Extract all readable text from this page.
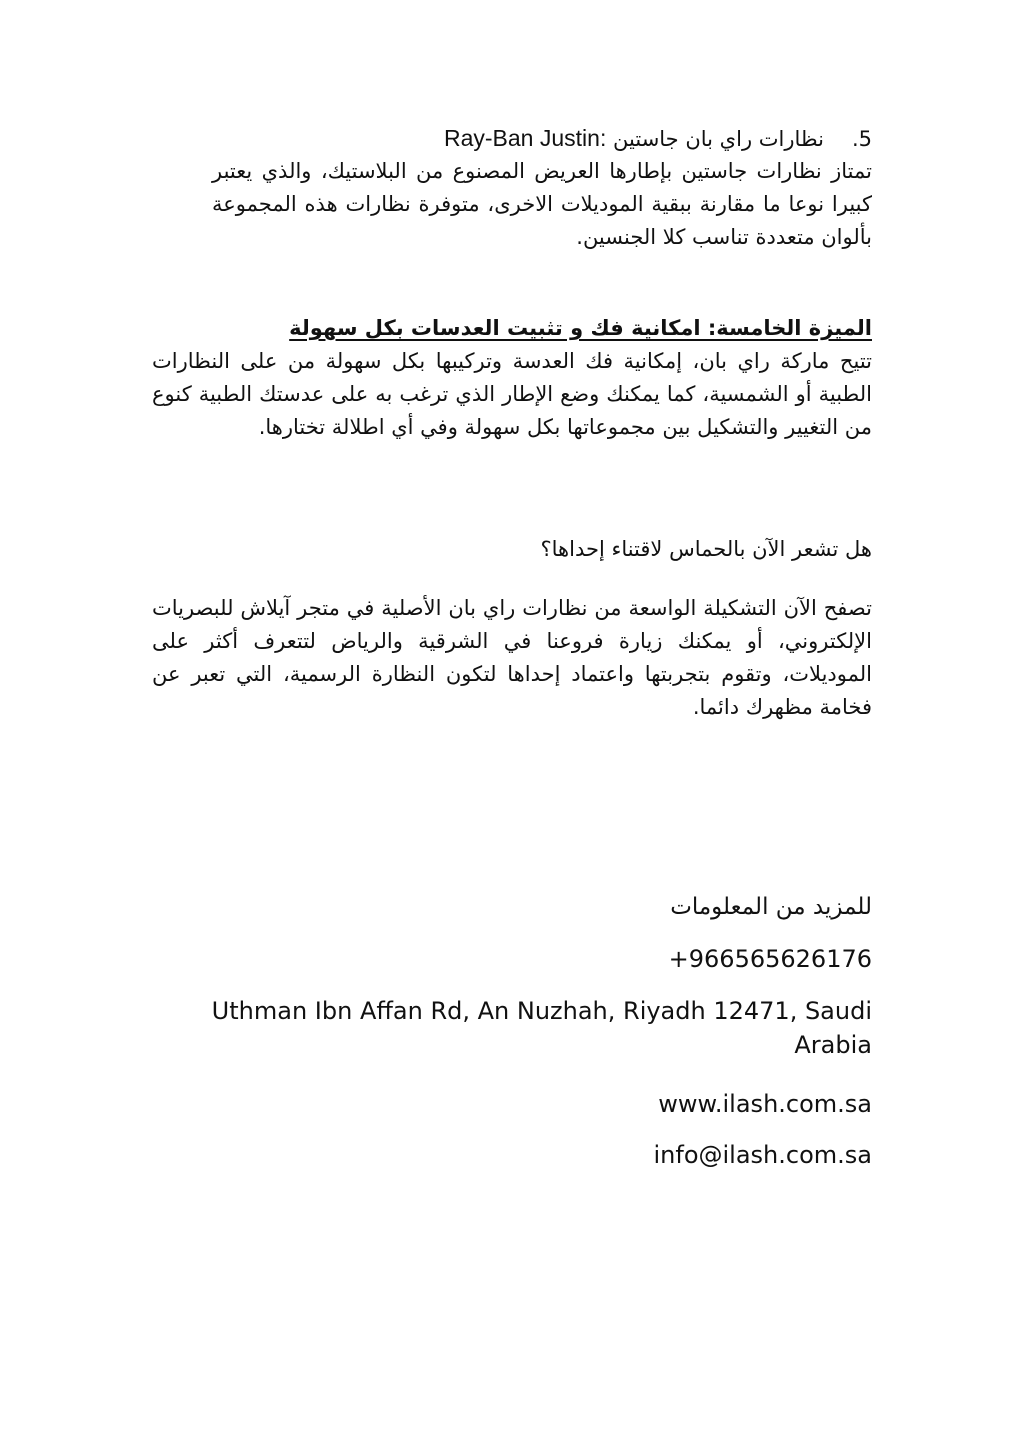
5.نظارات راي بان جاستين Ray-Ban Justin:
تمتاز نظارات جاستين بإطارها العريض المصنوع من البلاستيك، والذي يعتبر كبيرا نوعا ما مقارنة ببقية الموديلات الاخرى، متوفرة نظارات هذه المجموعة بألوان متعددة تناسب كلا الجنسين.
الميزة الخامسة: امكانية فك و تثبيت العدسات بكل سهولة
تتيح ماركة راي بان، إمكانية فك العدسة وتركيبها بكل سهولة من على النظارات الطبية أو الشمسية، كما يمكنك وضع الإطار الذي ترغب به على عدستك الطبية كنوع من التغيير والتشكيل بين مجموعاتها بكل سهولة وفي أي اطلالة تختارها.
هل تشعر الآن بالحماس لاقتناء إحداها؟
تصفح الآن التشكيلة الواسعة من نظارات راي بان الأصلية في متجر آيلاش للبصريات الإلكتروني، أو يمكنك زيارة فروعنا في الشرقية والرياض لتتعرف أكثر على الموديلات، وتقوم بتجربتها واعتماد إحداها لتكون النظارة الرسمية، التي تعبر عن فخامة مظهرك دائما.
للمزيد من المعلومات
+966565626176
Uthman Ibn Affan Rd, An Nuzhah, Riyadh 12471, Saudi Arabia
www.ilash.com.sa
info@ilash.com.sa
